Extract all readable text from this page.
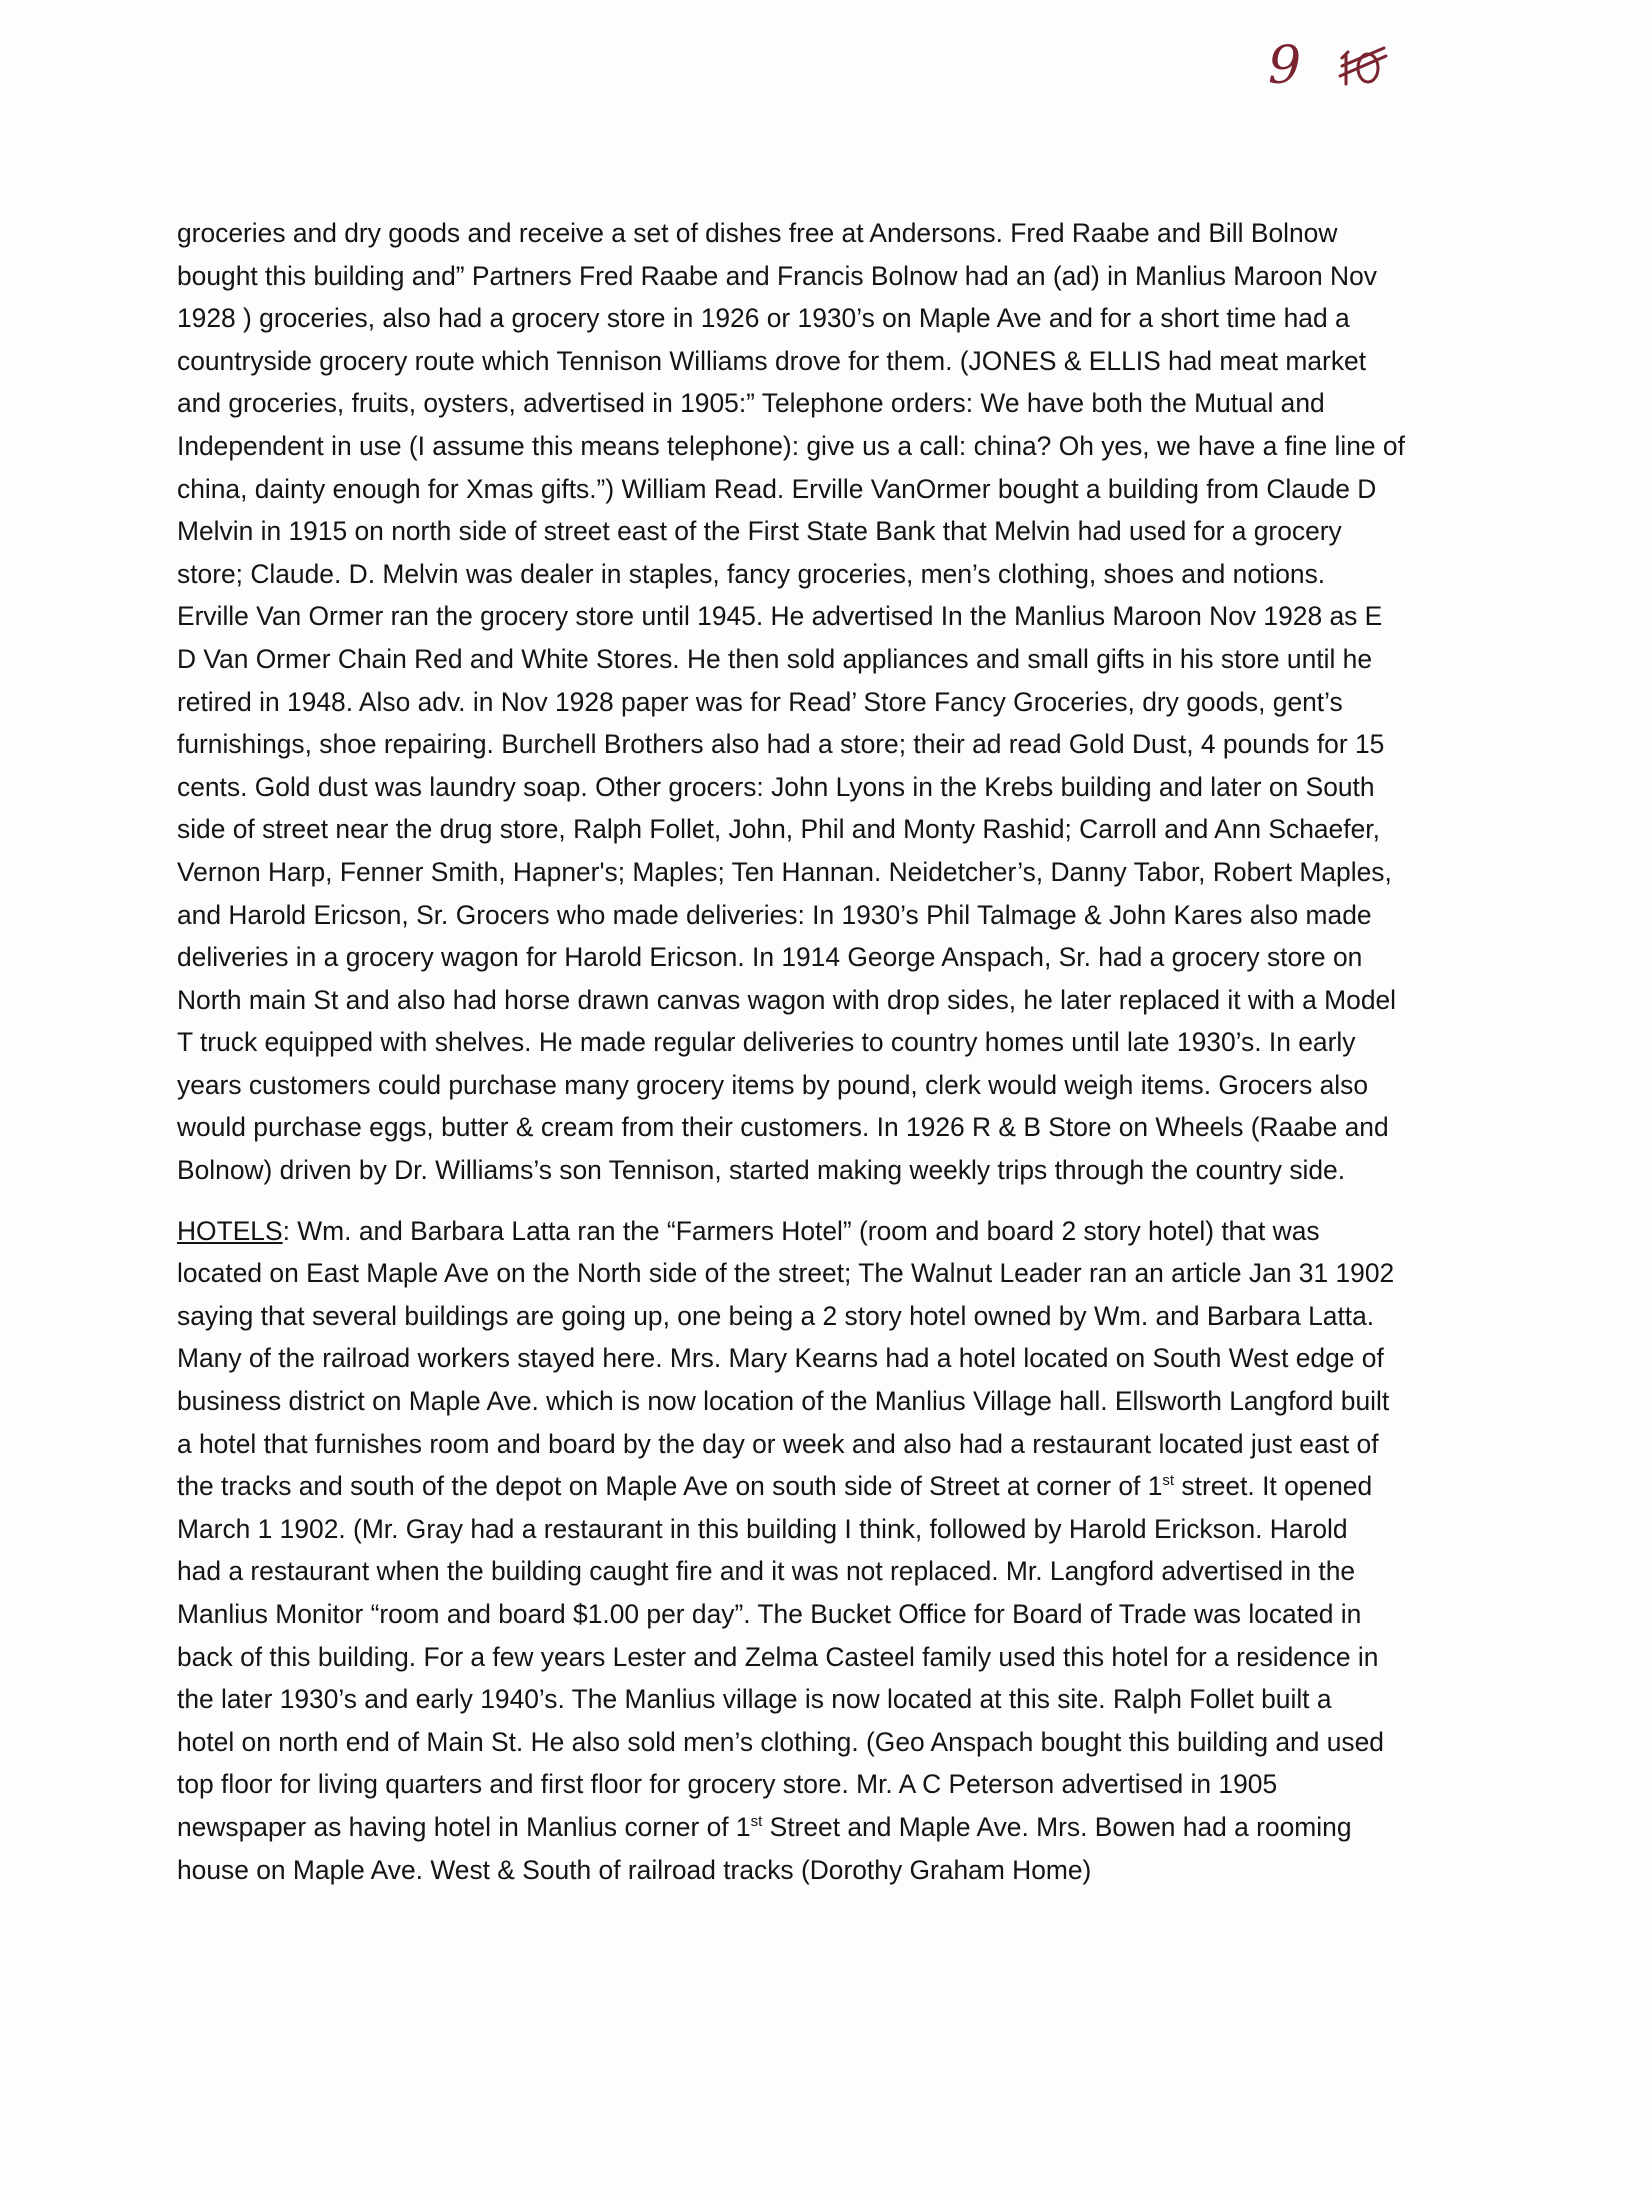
9

groceries and dry goods and receive a set of dishes free at Andersons. Fred Raabe and Bill Bolnow
bought this building and” Partners Fred Raabe and Francis Bolnow had an (ad) in Manlius Maroon Nov
1928 ) groceries, also had a grocery store in 1926 or 1930’s on Maple Ave and for a short time had a
countryside grocery route which Tennison Williams drove for them. (JONES & ELLIS had meat market
and groceries, fruits, oysters, advertised in 1905:” Telephone orders: We have both the Mutual and
Independent in use (I assume this means telephone): give us a call: china? Oh yes, we have a fine line of
china, dainty enough for Xmas gifts.”) William Read. Erville VanOrmer bought a building from Claude D
Melvin in 1915 on north side of street east of the First State Bank that Melvin had used for a grocery
store; Claude. D. Melvin was dealer in staples, fancy groceries, men’s clothing, shoes and notions.
Erville Van Ormer ran the grocery store until 1945. He advertised In the Manlius Maroon Nov 1928 as E
D Van Ormer Chain Red and White Stores. He then sold appliances and small gifts in his store until he
retired in 1948. Also adv. in Nov 1928 paper was for Read’ Store Fancy Groceries, dry goods, gent’s
furnishings, shoe repairing. Burchell Brothers also had a store; their ad read Gold Dust, 4 pounds for 15
cents. Gold dust was laundry soap. Other grocers: John Lyons in the Krebs building and later on South
side of street near the drug store, Ralph Follet, John, Phil and Monty Rashid; Carroll and Ann Schaefer,
Vernon Harp, Fenner Smith, Hapner's; Maples; Ten Hannan. Neidetcher’s, Danny Tabor, Robert Maples,
and Harold Ericson, Sr. Grocers who made deliveries: In 1930’s Phil Talmage & John Kares also made
deliveries in a grocery wagon for Harold Ericson. In 1914 George Anspach, Sr. had a grocery store on
North main St and also had horse drawn canvas wagon with drop sides, he later replaced it with a Model
T truck equipped with shelves. He made regular deliveries to country homes until late 1930’s. In early
years customers could purchase many grocery items by pound, clerk would weigh items. Grocers also
would purchase eggs, butter & cream from their customers. In 1926 R & B Store on Wheels (Raabe and
Bolnow) driven by Dr. Williams’s son Tennison, started making weekly trips through the country side.

HOTELS: Wm. and Barbara Latta ran the “Farmers Hotel” (room and board 2 story hotel) that was
located on East Maple Ave on the North side of the street; The Walnut Leader ran an article Jan 31 1902
saying that several buildings are going up, one being a 2 story hotel owned by Wm. and Barbara Latta.
Many of the railroad workers stayed here. Mrs. Mary Kearns had a hotel located on South West edge of
business district on Maple Ave. which is now location of the Manlius Village hall. Ellsworth Langford built
a hotel that furnishes room and board by the day or week and also had a restaurant located just east of
the tracks and south of the depot on Maple Ave on south side of Street at corner of 1st street. It opened
March 1 1902. (Mr. Gray had a restaurant in this building I think, followed by Harold Erickson. Harold
had a restaurant when the building caught fire and it was not replaced. Mr. Langford advertised in the
Manlius Monitor “room and board $1.00 per day”. The Bucket Office for Board of Trade was located in
back of this building. For a few years Lester and Zelma Casteel family used this hotel for a residence in
the later 1930’s and early 1940’s. The Manlius village is now located at this site. Ralph Follet built a
hotel on north end of Main St. He also sold men’s clothing. (Geo Anspach bought this building and used
top floor for living quarters and first floor for grocery store. Mr. A C Peterson advertised in 1905
newspaper as having hotel in Manlius corner of 1st Street and Maple Ave. Mrs. Bowen had a rooming
house on Maple Ave. West & South of railroad tracks (Dorothy Graham Home)
